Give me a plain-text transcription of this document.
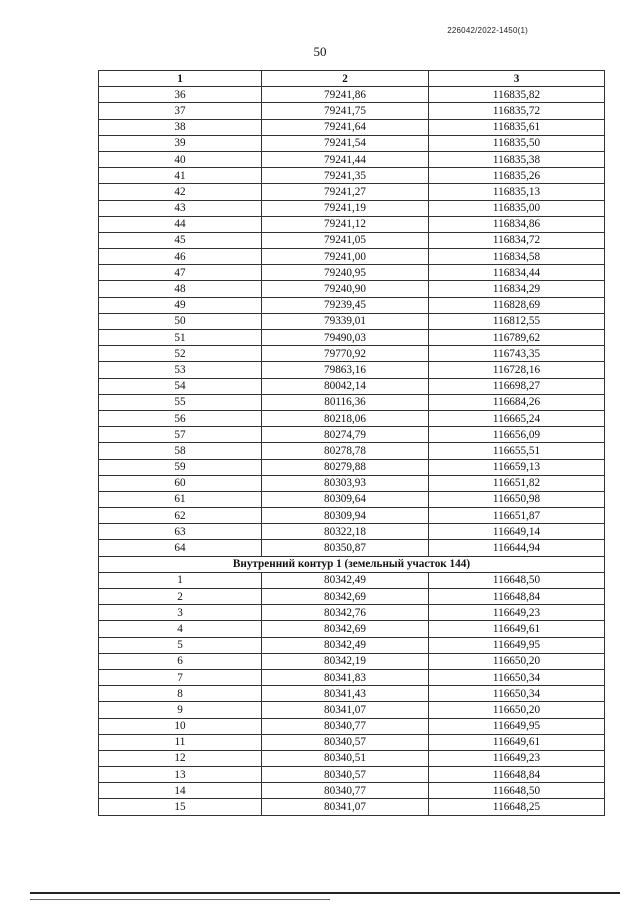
226042/2022-1450(1)
50
1	2	3
36	79241,86	116835,82
37	79241,75	116835,72
38	79241,64	116835,61
39	79241,54	116835,50
40	79241,44	116835,38
41	79241,35	116835,26
42	79241,27	116835,13
43	79241,19	116835,00
44	79241,12	116834,86
45	79241,05	116834,72
46	79241,00	116834,58
47	79240,95	116834,44
48	79240,90	116834,29
49	79239,45	116828,69
50	79339,01	116812,55
51	79490,03	116789,62
52	79770,92	116743,35
53	79863,16	116728,16
54	80042,14	116698,27
55	80116,36	116684,26
56	80218,06	116665,24
57	80274,79	116656,09
58	80278,78	116655,51
59	80279,88	116659,13
60	80303,93	116651,82
61	80309,64	116650,98
62	80309,94	116651,87
63	80322,18	116649,14
64	80350,87	116644,94
Внутренний контур 1 (земельный участок 144)		
1	80342,49	116648,50
2	80342,69	116648,84
3	80342,76	116649,23
4	80342,69	116649,61
5	80342,49	116649,95
6	80342,19	116650,20
7	80341,83	116650,34
8	80341,43	116650,34
9	80341,07	116650,20
10	80340,77	116649,95
11	80340,57	116649,61
12	80340,51	116649,23
13	80340,57	116648,84
14	80340,77	116648,50
15	80341,07	116648,25
